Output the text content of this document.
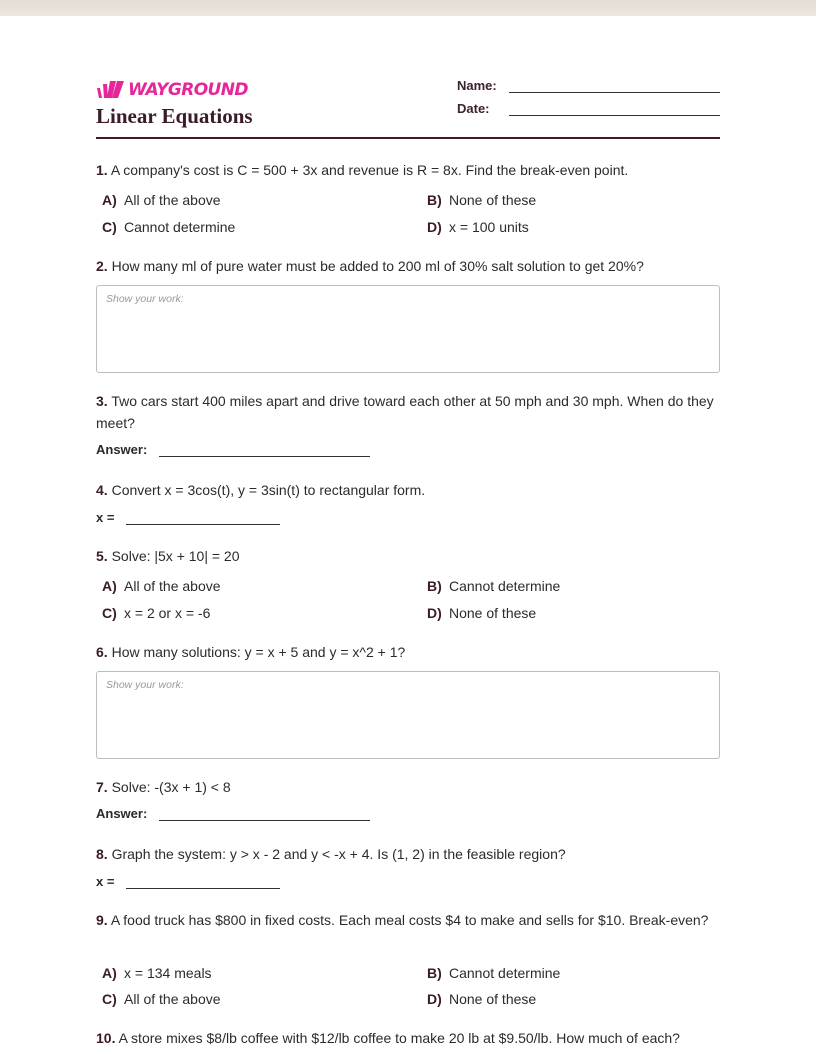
WAYGROUND
Linear Equations
Name:
Date:
1. A company's cost is C = 500 + 3x and revenue is R = 8x. Find the break-even point.
A) All of the above	B) None of these
C) Cannot determine	D) x = 100 units
2. How many ml of pure water must be added to 200 ml of 30% salt solution to get 20%?
Show your work:
3. Two cars start 400 miles apart and drive toward each other at 50 mph and 30 mph. When do they meet?
Answer:
4. Convert x = 3cos(t), y = 3sin(t) to rectangular form.
x =
5. Solve: |5x + 10| = 20
A) All of the above	B) Cannot determine
C) x = 2 or x = -6	D) None of these
6. How many solutions: y = x + 5 and y = x^2 + 1?
Show your work:
7. Solve: -(3x + 1) < 8
Answer:
8. Graph the system: y > x - 2 and y < -x + 4. Is (1, 2) in the feasible region?
x =
9. A food truck has $800 in fixed costs. Each meal costs $4 to make and sells for $10. Break-even?
A) x = 134 meals	B) Cannot determine
C) All of the above	D) None of these
10. A store mixes $8/lb coffee with $12/lb coffee to make 20 lb at $9.50/lb. How much of each?
